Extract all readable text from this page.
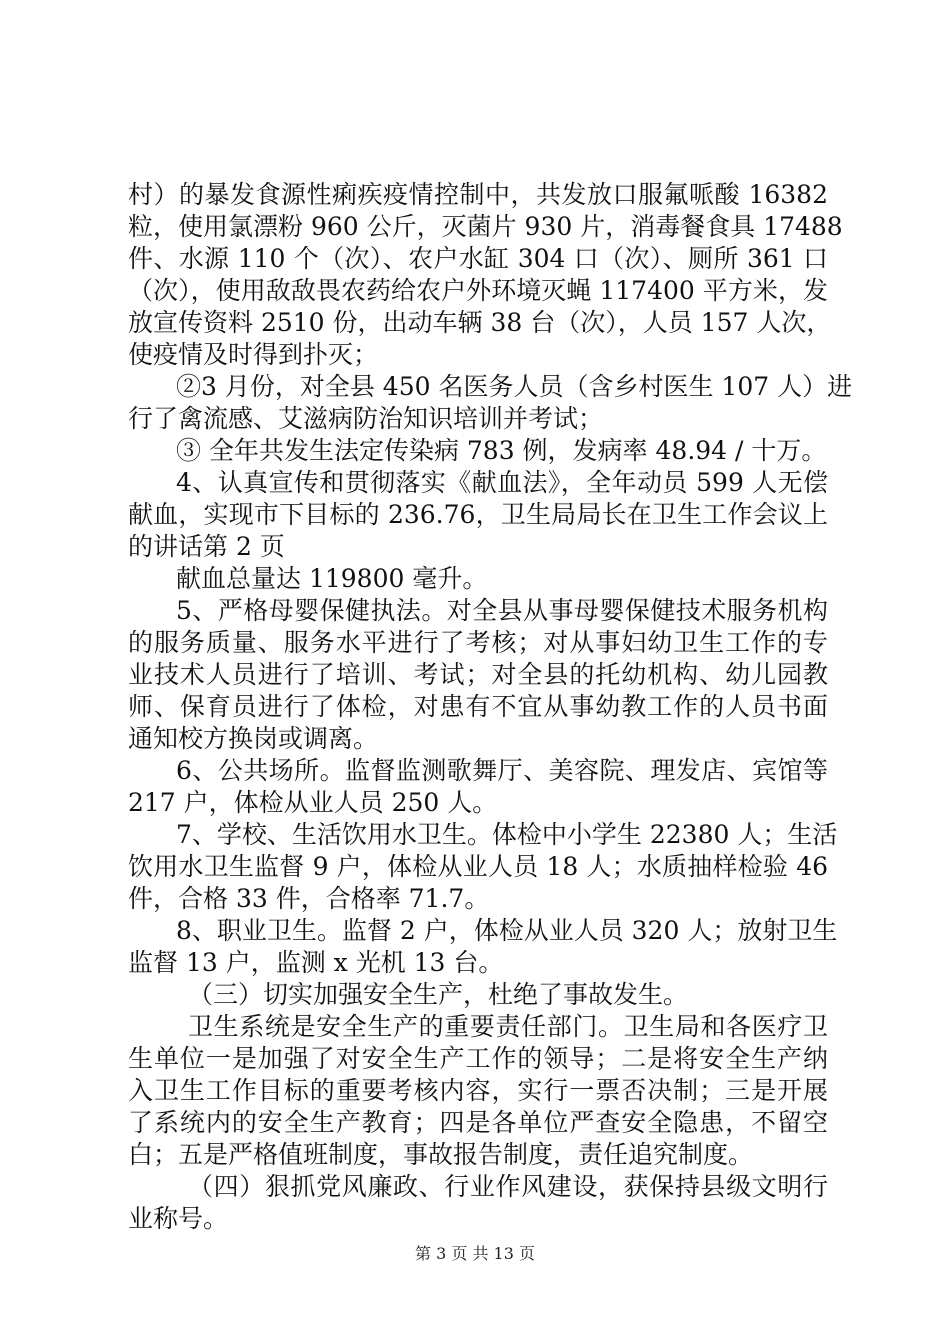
村）的暴发食源性痢疾疫情控制中，共发放口服氟哌酸 16382
粒，使用氯漂粉 960 公斤，灭菌片 930 片，消毒餐食具 17488
件、水源 110 个（次）、农户水缸 304 口（次）、厕所 361 口
（次），使用敌敌畏农药给农户外环境灭蝇 117400 平方米，发
放宣传资料 2510 份，出动车辆 38 台（次），人员 157 人次，
使疫情及时得到扑灭；
②3 月份，对全县 450 名医务人员（含乡村医生 107 人）进
行了禽流感、艾滋病防治知识培训并考试；
③ 全年共发生法定传染病 783 例，发病率 48.94 / 十万。
4、认真宣传和贯彻落实《献血法》，全年动员 599 人无偿
献血，实现市下目标的 236.76，卫生局局长在卫生工作会议上
的讲话第 2 页
献血总量达 119800 毫升。
5、严格母婴保健执法。对全县从事母婴保健技术服务机构
的服务质量、服务水平进行了考核；对从事妇幼卫生工作的专
业技术人员进行了培训、考试；对全县的托幼机构、幼儿园教
师、保育员进行了体检，对患有不宜从事幼教工作的人员书面
通知校方换岗或调离。
6、公共场所。监督监测歌舞厅、美容院、理发店、宾馆等
217 户，体检从业人员 250 人。
7、学校、生活饮用水卫生。体检中小学生 22380 人；生活
饮用水卫生监督 9 户，体检从业人员 18 人；水质抽样检验 46
件，合格 33 件，合格率 71.7。
8、职业卫生。监督 2 户，体检从业人员 320 人；放射卫生
监督 13 户，监测 x 光机 13 台。
（三）切实加强安全生产，杜绝了事故发生。
卫生系统是安全生产的重要责任部门。卫生局和各医疗卫
生单位一是加强了对安全生产工作的领导；二是将安全生产纳
入卫生工作目标的重要考核内容，实行一票否决制；三是开展
了系统内的安全生产教育；四是各单位严查安全隐患，不留空
白；五是严格值班制度，事故报告制度，责任追究制度。
（四）狠抓党风廉政、行业作风建设，获保持县级文明行
业称号。
第 3 页 共 13 页
